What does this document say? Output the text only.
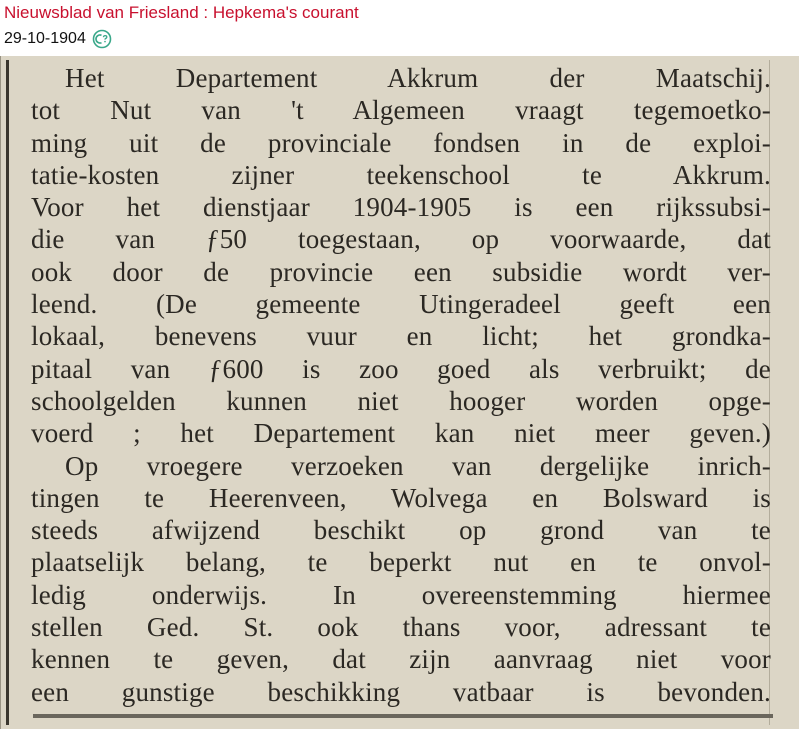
Nieuwsblad van Friesland : Hepkema's courant
29-10-1904
Het Departement Akkrum der Maatschij.
tot Nut van 't Algemeen vraagt tegemoetko-
ming uit de provinciale fondsen in de exploi-
tatie-kosten zijner teekenschool te Akkrum.
Voor het dienstjaar 1904-1905 is een rijkssubsi-
die van ƒ50 toegestaan, op voorwaarde, dat
ook door de provincie een subsidie wordt ver-
leend. (De gemeente Utingeradeel geeft een
lokaal, benevens vuur en licht; het grondka-
pitaal van ƒ600 is zoo goed als verbruikt; de
schoolgelden kunnen niet hooger worden opge-
voerd ; het Departement kan niet meer geven.)
Op vroegere verzoeken van dergelijke inrich-
tingen te Heerenveen, Wolvega en Bolsward is
steeds afwijzend beschikt op grond van te
plaatselijk belang, te beperkt nut en te onvol-
ledig onderwijs. In overeenstemming hiermee
stellen Ged. St. ook thans voor, adressant te
kennen te geven, dat zijn aanvraag niet voor
een gunstige beschikking vatbaar is bevonden.
